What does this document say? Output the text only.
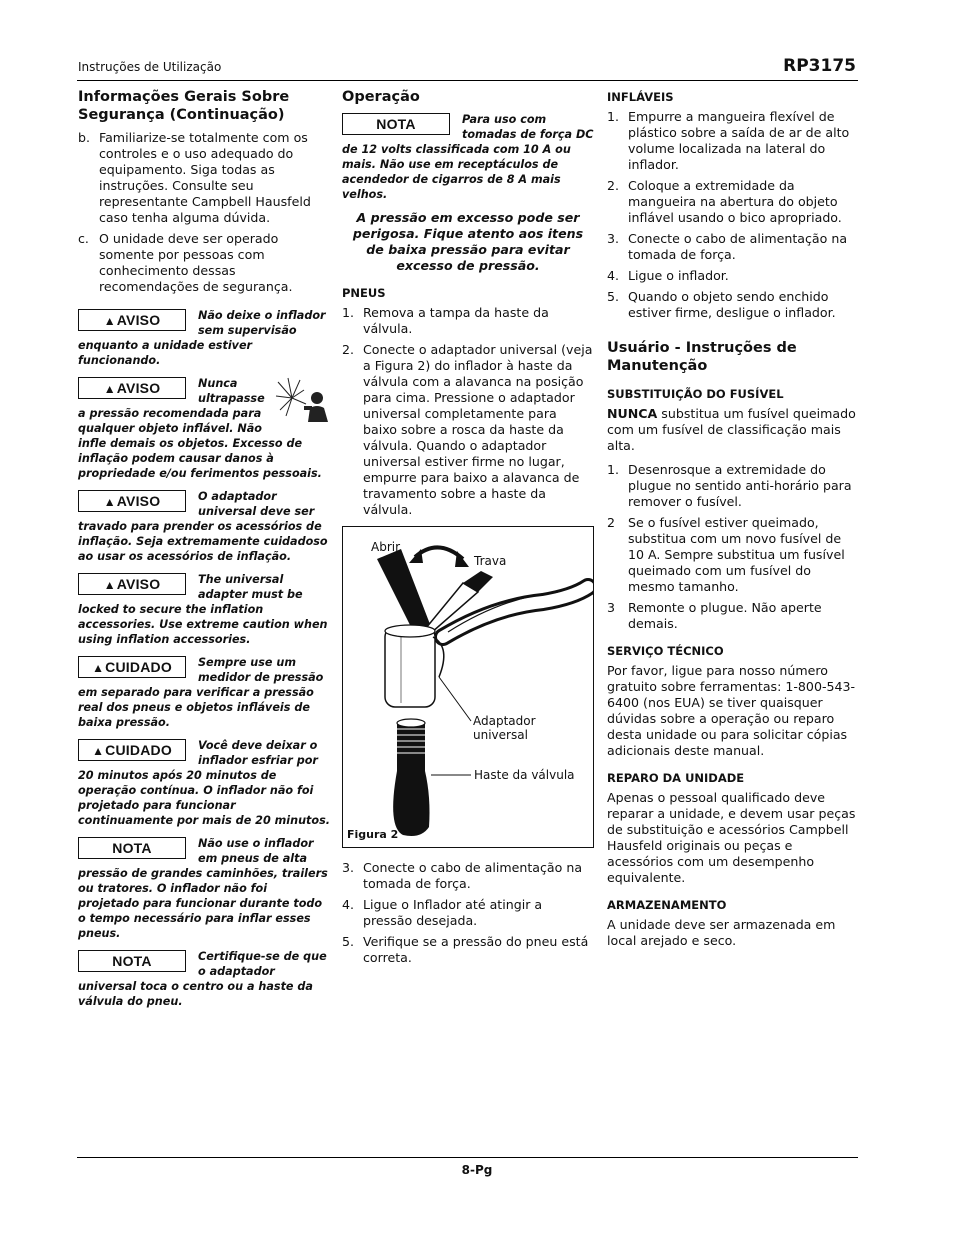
Instruções de Utilização	RP3175
Informações Gerais Sobre Segurança (Continuação)
b. Familiarize-se totalmente com os controles e o uso adequado do equipamento. Siga todas as instruções. Consulte seu representante Campbell Hausfeld caso tenha alguma dúvida.
c. O unidade deve ser operado somente por pessoas com conhecimento dessas recomendações de segurança.
▲AVISO	Não deixe o inflador sem supervisão enquanto a unidade estiver funcionando.
▲AVISO	Nunca ultrapasse a pressão recomendada para qualquer objeto inflável. Não infle demais os objetos. Excesso de inflação podem causar danos à propriedade e/ou ferimentos pessoais.
▲AVISO	O adaptador universal deve ser travado para prender os acessórios de inflação. Seja extremamente cuidadoso ao usar os acessórios de inflação.
▲AVISO	The universal adapter must be locked to secure the inflation accessories. Use extreme caution when using inflation accessories.
▲CUIDADO	Sempre use um medidor de pressão em separado para verificar a pressão real dos pneus e objetos infláveis de baixa pressão.
▲CUIDADO	Você deve deixar o inflador esfriar por 20 minutos após 20 minutos de operação contínua. O inflador não foi projetado para funcionar continuamente por mais de 20 minutos.
NOTA	Não use o inflador em pneus de alta pressão de grandes caminhões, trailers ou tratores. O inflador não foi projetado para funcionar durante todo o tempo necessário para inflar esses pneus.
NOTA	Certifique-se de que o adaptador universal toca o centro ou a haste da válvula do pneu.
Operação
NOTA	Para uso com tomadas de força DC de 12 volts classificada com 10 A ou mais. Não use em receptáculos de acendedor de cigarros de 8 A mais velhos.
A pressão em excesso pode ser perigosa. Fique atento aos itens de baixa pressão para evitar excesso de pressão.
PNEUS
1. Remova a tampa da haste da válvula.
2. Conecte o adaptador universal (veja a Figura 2) do inflador à haste da válvula com a alavanca na posição para cima. Pressione o adaptador universal completamente para baixo sobre a rosca da haste da válvula. Quando o adaptador universal estiver firme no lugar, empurre para baixo a alavanca de travamento sobre a haste da válvula.
Abrir
Trava
Adaptador universal
Haste da válvula
Figura 2
3. Conecte o cabo de alimentação na tomada de força.
4. Ligue o Inflador até atingir a pressão desejada.
5. Verifique se a pressão do pneu está correta.
INFLÁVEIS
1. Empurre a mangueira flexível de plástico sobre a saída de ar de alto volume localizada na lateral do inflador.
2. Coloque a extremidade da mangueira na abertura do objeto inflável usando o bico apropriado.
3. Conecte o cabo de alimentação na tomada de força.
4. Ligue o inflador.
5. Quando o objeto sendo enchido estiver firme, desligue o inflador.
Usuário - Instruções de Manutenção
SUBSTITUIÇÃO DO FUSÍVEL

NUNCA substitua um fusível queimado com um fusível de classificação mais alta.

1. Desenrosque a extremidade do plugue no sentido anti-horário para remover o fusível.
2 Se o fusível estiver queimado, substitua com um novo fusível de 10 A. Sempre substitua um fusível queimado com um fusível do mesmo tamanho.
3 Remonte o plugue. Não aperte demais.
SERVIÇO TÉCNICO

Por favor, ligue para nosso número gratuito sobre ferramentas: 1-800-543-6400 (nos EUA) se tiver quaisquer dúvidas sobre a operação ou reparo desta unidade ou para solicitar cópias adicionais deste manual.

REPARO DA UNIDADE

Apenas o pessoal qualificado deve reparar a unidade, e devem usar peças de substituição e acessórios Campbell Hausfeld originais ou peças e acessórios com um desempenho equivalente.

ARMAZENAMENTO

A unidade deve ser armazenada em local arejado e seco.

8-Pg
